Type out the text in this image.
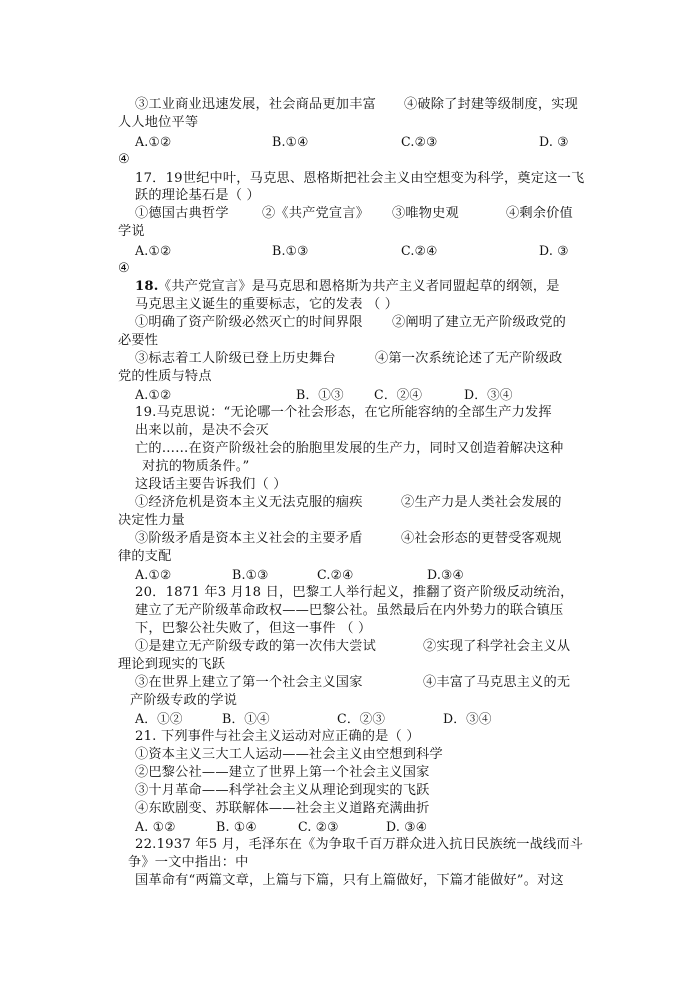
③工业商业迅速发展，社会商品更加丰富 ④破除了封建等级制度，实现
人人地位平等
A.①②	B.①④	C.②③	D. ③
④
17．19世纪中叶，马克思、恩格斯把社会主义由空想变为科学，奠定这一飞
跃的理论基石是（ ）
①德国古典哲学	②《共产党宣言》 ③唯物史观	④剩余价值
学说
A.①②	B.①③	C.②④	D. ③
④
18. 《共产党宣言》是马克思和恩格斯为共产主义者同盟起草的纲领，是
马克思主义诞生的重要标志，它的发表 （ ）
①明确了资产阶级必然灭亡的时间界限 ②阐明了建立无产阶级政党的
必要性
③标志着工人阶级已登上历史舞台	④第一次系统论述了无产阶级政
党的性质与特点
A.①②	B．①③ C．②④	D．③④
19.马克思说：“无论哪一个社会形态，在它所能容纳的全部生产力发挥
出来以前，是决不会灭
亡的……在资产阶级社会的胎胞里发展的生产力，同时又创造着解决这种
对抗的物质条件。”
这段话主要告诉我们（ ）
①经济危机是资本主义无法克服的痼疾	②生产力是人类社会发展的
决定性力量
③阶级矛盾是资本主义社会的主要矛盾	④社会形态的更替受客观规
律的支配
A.①②	B.①③	C.②④	D.③④
20．1871 年3 月18 日，巴黎工人举行起义，推翻了资产阶级反动统治，
建立了无产阶级革命政权——巴黎公社。虽然最后在内外势力的联合镇压
下，巴黎公社失败了，但这一事件 （ ）
①是建立无产阶级专政的第一次伟大尝试	②实现了科学社会主义从
理论到现实的飞跃
③在世界上建立了第一个社会主义国家	④丰富了马克思主义的无
产阶级专政的学说
A．①②	B．①④	C．②③	D．③④
21. 下列事件与社会主义运动对应正确的是（ ）
①资本主义三大工人运动——社会主义由空想到科学
②巴黎公社——建立了世界上第一个社会主义国家
③十月革命——科学社会主义从理论到现实的飞跃
④东欧剧变、苏联解体——社会主义道路充满曲折
A. ①②	B. ①④	C. ②③	D. ③④
22.1937 年5 月，毛泽东在《为争取千百万群众进入抗日民族统一战线而斗
争》一文中指出：中
国革命有“两篇文章，上篇与下篇，只有上篇做好，下篇才能做好”。对这
